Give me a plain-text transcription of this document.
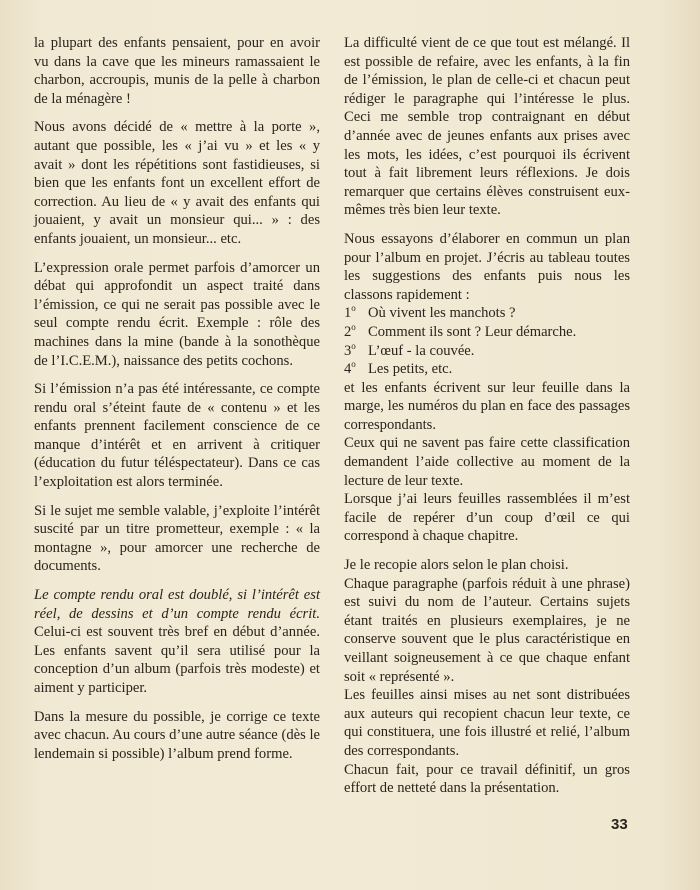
la plupart des enfants pensaient, pour en avoir vu dans la cave que les mineurs ramassaient le charbon, accroupis, munis de la pelle à charbon de la ménagère !

Nous avons décidé de « mettre à la porte », autant que possible, les « j’ai vu » et les « y avait » dont les répétitions sont fastidieuses, si bien que les enfants font un excellent effort de correction. Au lieu de « y avait des enfants qui jouaient, y avait un monsieur qui... » : des enfants jouaient, un monsieur... etc.

L’expression orale permet parfois d’amorcer un débat qui approfondit un aspect traité dans l’émission, ce qui ne serait pas possible avec le seul compte rendu écrit. Exemple : rôle des machines dans la mine (bande à la sonothèque de l’I.C.E.M.), naissance des petits cochons.

Si l’émission n’a pas été intéressante, ce compte rendu oral s’éteint faute de « contenu » et les enfants prennent facilement conscience de ce manque d’intérêt et en arrivent à critiquer (éducation du futur téléspectateur). Dans ce cas l’exploitation est alors terminée.

Si le sujet me semble valable, j’exploite l’intérêt suscité par un titre prometteur, exemple : « la montagne », pour amorcer une recherche de documents.

Le compte rendu oral est doublé, si l’intérêt est réel, de dessins et d’un compte rendu écrit. Celui-ci est souvent très bref en début d’année. Les enfants savent qu’il sera utilisé pour la conception d’un album (parfois très modeste) et aiment y participer.

Dans la mesure du possible, je corrige ce texte avec chacun. Au cours d’une autre séance (dès le lendemain si possible) l’album prend forme.

La difficulté vient de ce que tout est mélangé. Il est possible de refaire, avec les enfants, à la fin de l’émission, le plan de celle-ci et chacun peut rédiger le paragraphe qui l’intéresse le plus. Ceci me semble trop contraignant en début d’année avec de jeunes enfants aux prises avec les mots, les idées, c’est pourquoi ils écrivent tout à fait librement leurs réflexions. Je dois remarquer que certains élèves construisent eux-mêmes très bien leur texte.

Nous essayons d’élaborer en commun un plan pour l’album en projet. J’écris au tableau toutes les suggestions des enfants puis nous les classons rapidement :

1$^o$ Où vivent les manchots ?
2$^o$ Comment ils sont ? Leur démarche.
3$^o$ L’œuf - la couvée.
4$^o$ Les petits, etc.

et les enfants écrivent sur leur feuille dans la marge, les numéros du plan en face des passages correspondants.

Ceux qui ne savent pas faire cette classification demandent l’aide collective au moment de la lecture de leur texte.

Lorsque j’ai leurs feuilles rassemblées il m’est facile de repérer d’un coup d’œil ce qui correspond à chaque chapitre.

Je le recopie alors selon le plan choisi.

Chaque paragraphe (parfois réduit à une phrase) est suivi du nom de l’auteur. Certains sujets étant traités en plusieurs exemplaires, je ne conserve souvent que le plus caractéristique en veillant soigneusement à ce que chaque enfant soit « représenté ».

Les feuilles ainsi mises au net sont distribuées aux auteurs qui recopient chacun leur texte, ce qui constituera, une fois illustré et relié, l’album des correspondants.

Chacun fait, pour ce travail définitif, un gros effort de netteté dans la présentation.

33
